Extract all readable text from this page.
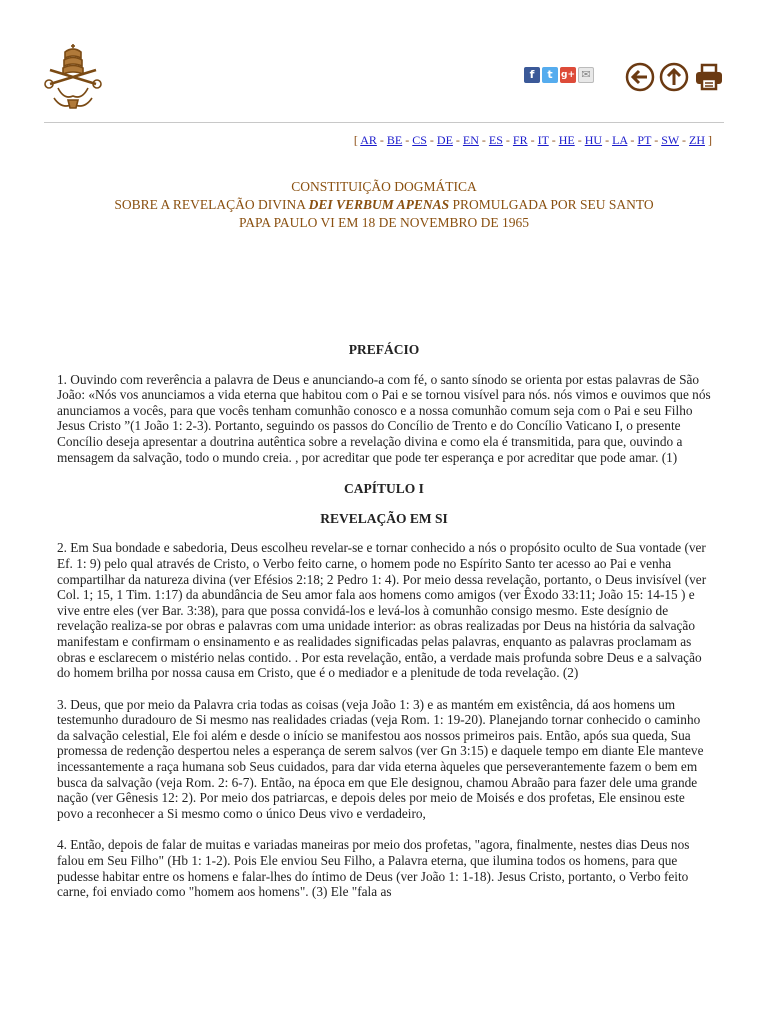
f	t g+ ✉
[ AR - BE - CS - DE - EN - ES - FR - IT - HE - HU - LA - PT - SW - ZH ]
CONSTITUIÇÃO DOGMÁTICA
SOBRE A REVELAÇÃO DIVINA DEI VERBUM APENAS PROMULGADA POR SEU SANTO
PAPA PAULO VI EM 18 DE NOVEMBRO DE 1965
PREFÁCIO

1. Ouvindo com reverência a palavra de Deus e anunciando-a com fé, o santo sínodo se orienta por estas palavras de São João: «Nós vos anunciamos a vida eterna que habitou com o Pai e se tornou visível para nós. nós vimos e ouvimos que nós anunciamos a vocês, para que vocês tenham comunhão conosco e a nossa comunhão comum seja com o Pai e seu Filho Jesus Cristo ”(1 João 1: 2-3). Portanto, seguindo os passos do Concílio de Trento e do Concílio Vaticano I, o presente Concílio deseja apresentar a doutrina autêntica sobre a revelação divina e como ela é transmitida, para que, ouvindo a mensagem da salvação, todo o mundo creia. , por acreditar que pode ter esperança e por acreditar que pode amar. (1)

CAPÍTULO I
REVELAÇÃO EM SI

2. Em Sua bondade e sabedoria, Deus escolheu revelar-se e tornar conhecido a nós o propósito oculto de Sua vontade (ver Ef. 1: 9) pelo qual através de Cristo, o Verbo feito carne, o homem pode no Espírito Santo ter acesso ao Pai e venha compartilhar da natureza divina (ver Efésios 2:18; 2 Pedro 1: 4). Por meio dessa revelação, portanto, o Deus invisível (ver Col. 1; 15, 1 Tim. 1:17) da abundância de Seu amor fala aos homens como amigos (ver Êxodo 33:11; João 15: 14-15 ) e vive entre eles (ver Bar. 3:38), para que possa convidá-los e levá-los à comunhão consigo mesmo. Este desígnio de revelação realiza-se por obras e palavras com uma unidade interior: as obras realizadas por Deus na história da salvação manifestam e confirmam o ensinamento e as realidades significadas pelas palavras, enquanto as palavras proclamam as obras e esclarecem o mistério nelas contido. . Por esta revelação, então, a verdade mais profunda sobre Deus e a salvação do homem brilha por nossa causa em Cristo, que é o mediador e a plenitude de toda revelação. (2)

3. Deus, que por meio da Palavra cria todas as coisas (veja João 1: 3) e as mantém em existência, dá aos homens um testemunho duradouro de Si mesmo nas realidades criadas (veja Rom. 1: 19-20). Planejando tornar conhecido o caminho da salvação celestial, Ele foi além e desde o início se manifestou aos nossos primeiros pais. Então, após sua queda, Sua promessa de redenção despertou neles a esperança de serem salvos (ver Gn 3:15) e daquele tempo em diante Ele manteve incessantemente a raça humana sob Seus cuidados, para dar vida eterna àqueles que perseverantemente fazem o bem em busca da salvação (veja Rom. 2: 6-7). Então, na época em que Ele designou, chamou Abraão para fazer dele uma grande nação (ver Gênesis 12: 2). Por meio dos patriarcas, e depois deles por meio de Moisés e dos profetas, Ele ensinou este povo a reconhecer a Si mesmo como o único Deus vivo e verdadeiro,

4. Então, depois de falar de muitas e variadas maneiras por meio dos profetas, "agora, finalmente, nestes dias Deus nos falou em Seu Filho" (Hb 1: 1-2). Pois Ele enviou Seu Filho, a Palavra eterna, que ilumina todos os homens, para que pudesse habitar entre os homens e falar-lhes do íntimo de Deus (ver João 1: 1-18). Jesus Cristo, portanto, o Verbo feito carne, foi enviado como "homem aos homens". (3) Ele "fala as
